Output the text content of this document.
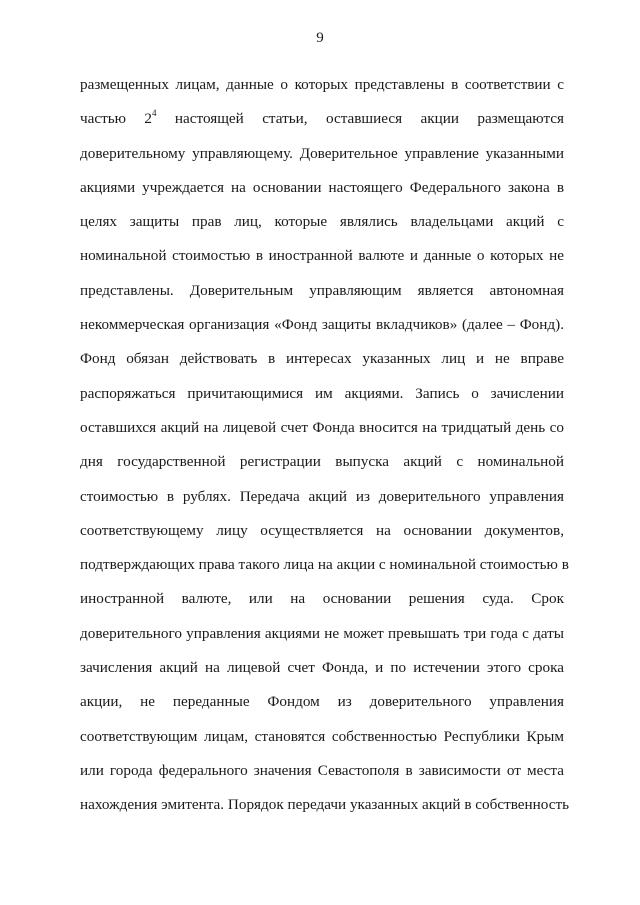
9
размещенных лицам, данные о которых представлены в соответствии с
частью $2^4$ настоящей статьи, оставшиеся акции размещаются
доверительному управляющему. Доверительное управление указанными
акциями учреждается на основании настоящего Федерального закона в
целях защиты прав лиц, которые являлись владельцами акций с
номинальной стоимостью в иностранной валюте и данные о которых не
представлены. Доверительным управляющим является автономная
некоммерческая организация «Фонд защиты вкладчиков» (далее – Фонд).
Фонд обязан действовать в интересах указанных лиц и не вправе
распоряжаться причитающимися им акциями. Запись о зачислении
оставшихся акций на лицевой счет Фонда вносится на тридцатый день со
дня государственной регистрации выпуска акций с номинальной
стоимостью в рублях. Передача акций из доверительного управления
соответствующему лицу осуществляется на основании документов,
подтверждающих права такого лица на акции с номинальной стоимостью в
иностранной валюте, или на основании решения суда. Срок
доверительного управления акциями не может превышать три года с даты
зачисления акций на лицевой счет Фонда, и по истечении этого срока
акции, не переданные Фондом из доверительного управления
соответствующим лицам, становятся собственностью Республики Крым
или города федерального значения Севастополя в зависимости от места
нахождения эмитента. Порядок передачи указанных акций в собственность
